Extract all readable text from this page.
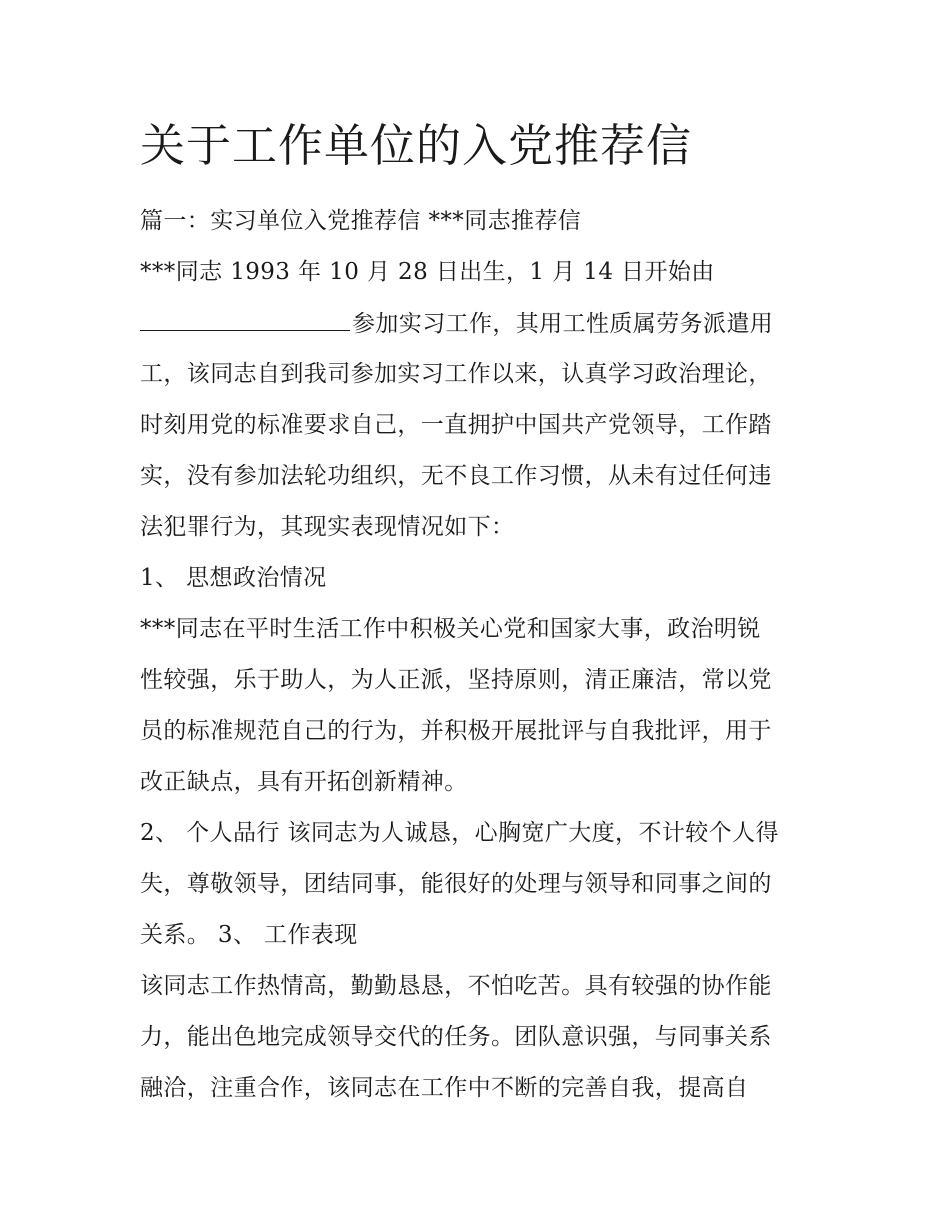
关于工作单位的入党推荐信
篇一：实习单位入党推荐信 ***同志推荐信
***同志 1993 年 10 月 28 日出生，1 月 14 日开始由
参加实习工作，其用工性质属劳务派遣用
工，该同志自到我司参加实习工作以来，认真学习政治理论，
时刻用党的标准要求自己，一直拥护中国共产党领导，工作踏
实，没有参加法轮功组织，无不良工作习惯，从未有过任何违
法犯罪行为，其现实表现情况如下：
1、 思想政治情况
***同志在平时生活工作中积极关心党和国家大事，政治明锐
性较强，乐于助人，为人正派，坚持原则，清正廉洁，常以党
员的标准规范自己的行为，并积极开展批评与自我批评，用于
改正缺点，具有开拓创新精神。
2、 个人品行 该同志为人诚恳，心胸宽广大度，不计较个人得
失，尊敬领导，团结同事，能很好的处理与领导和同事之间的
关系。 3、 工作表现
该同志工作热情高，勤勤恳恳，不怕吃苦。具有较强的协作能
力，能出色地完成领导交代的任务。团队意识强，与同事关系
融洽，注重合作，该同志在工作中不断的完善自我，提高自
